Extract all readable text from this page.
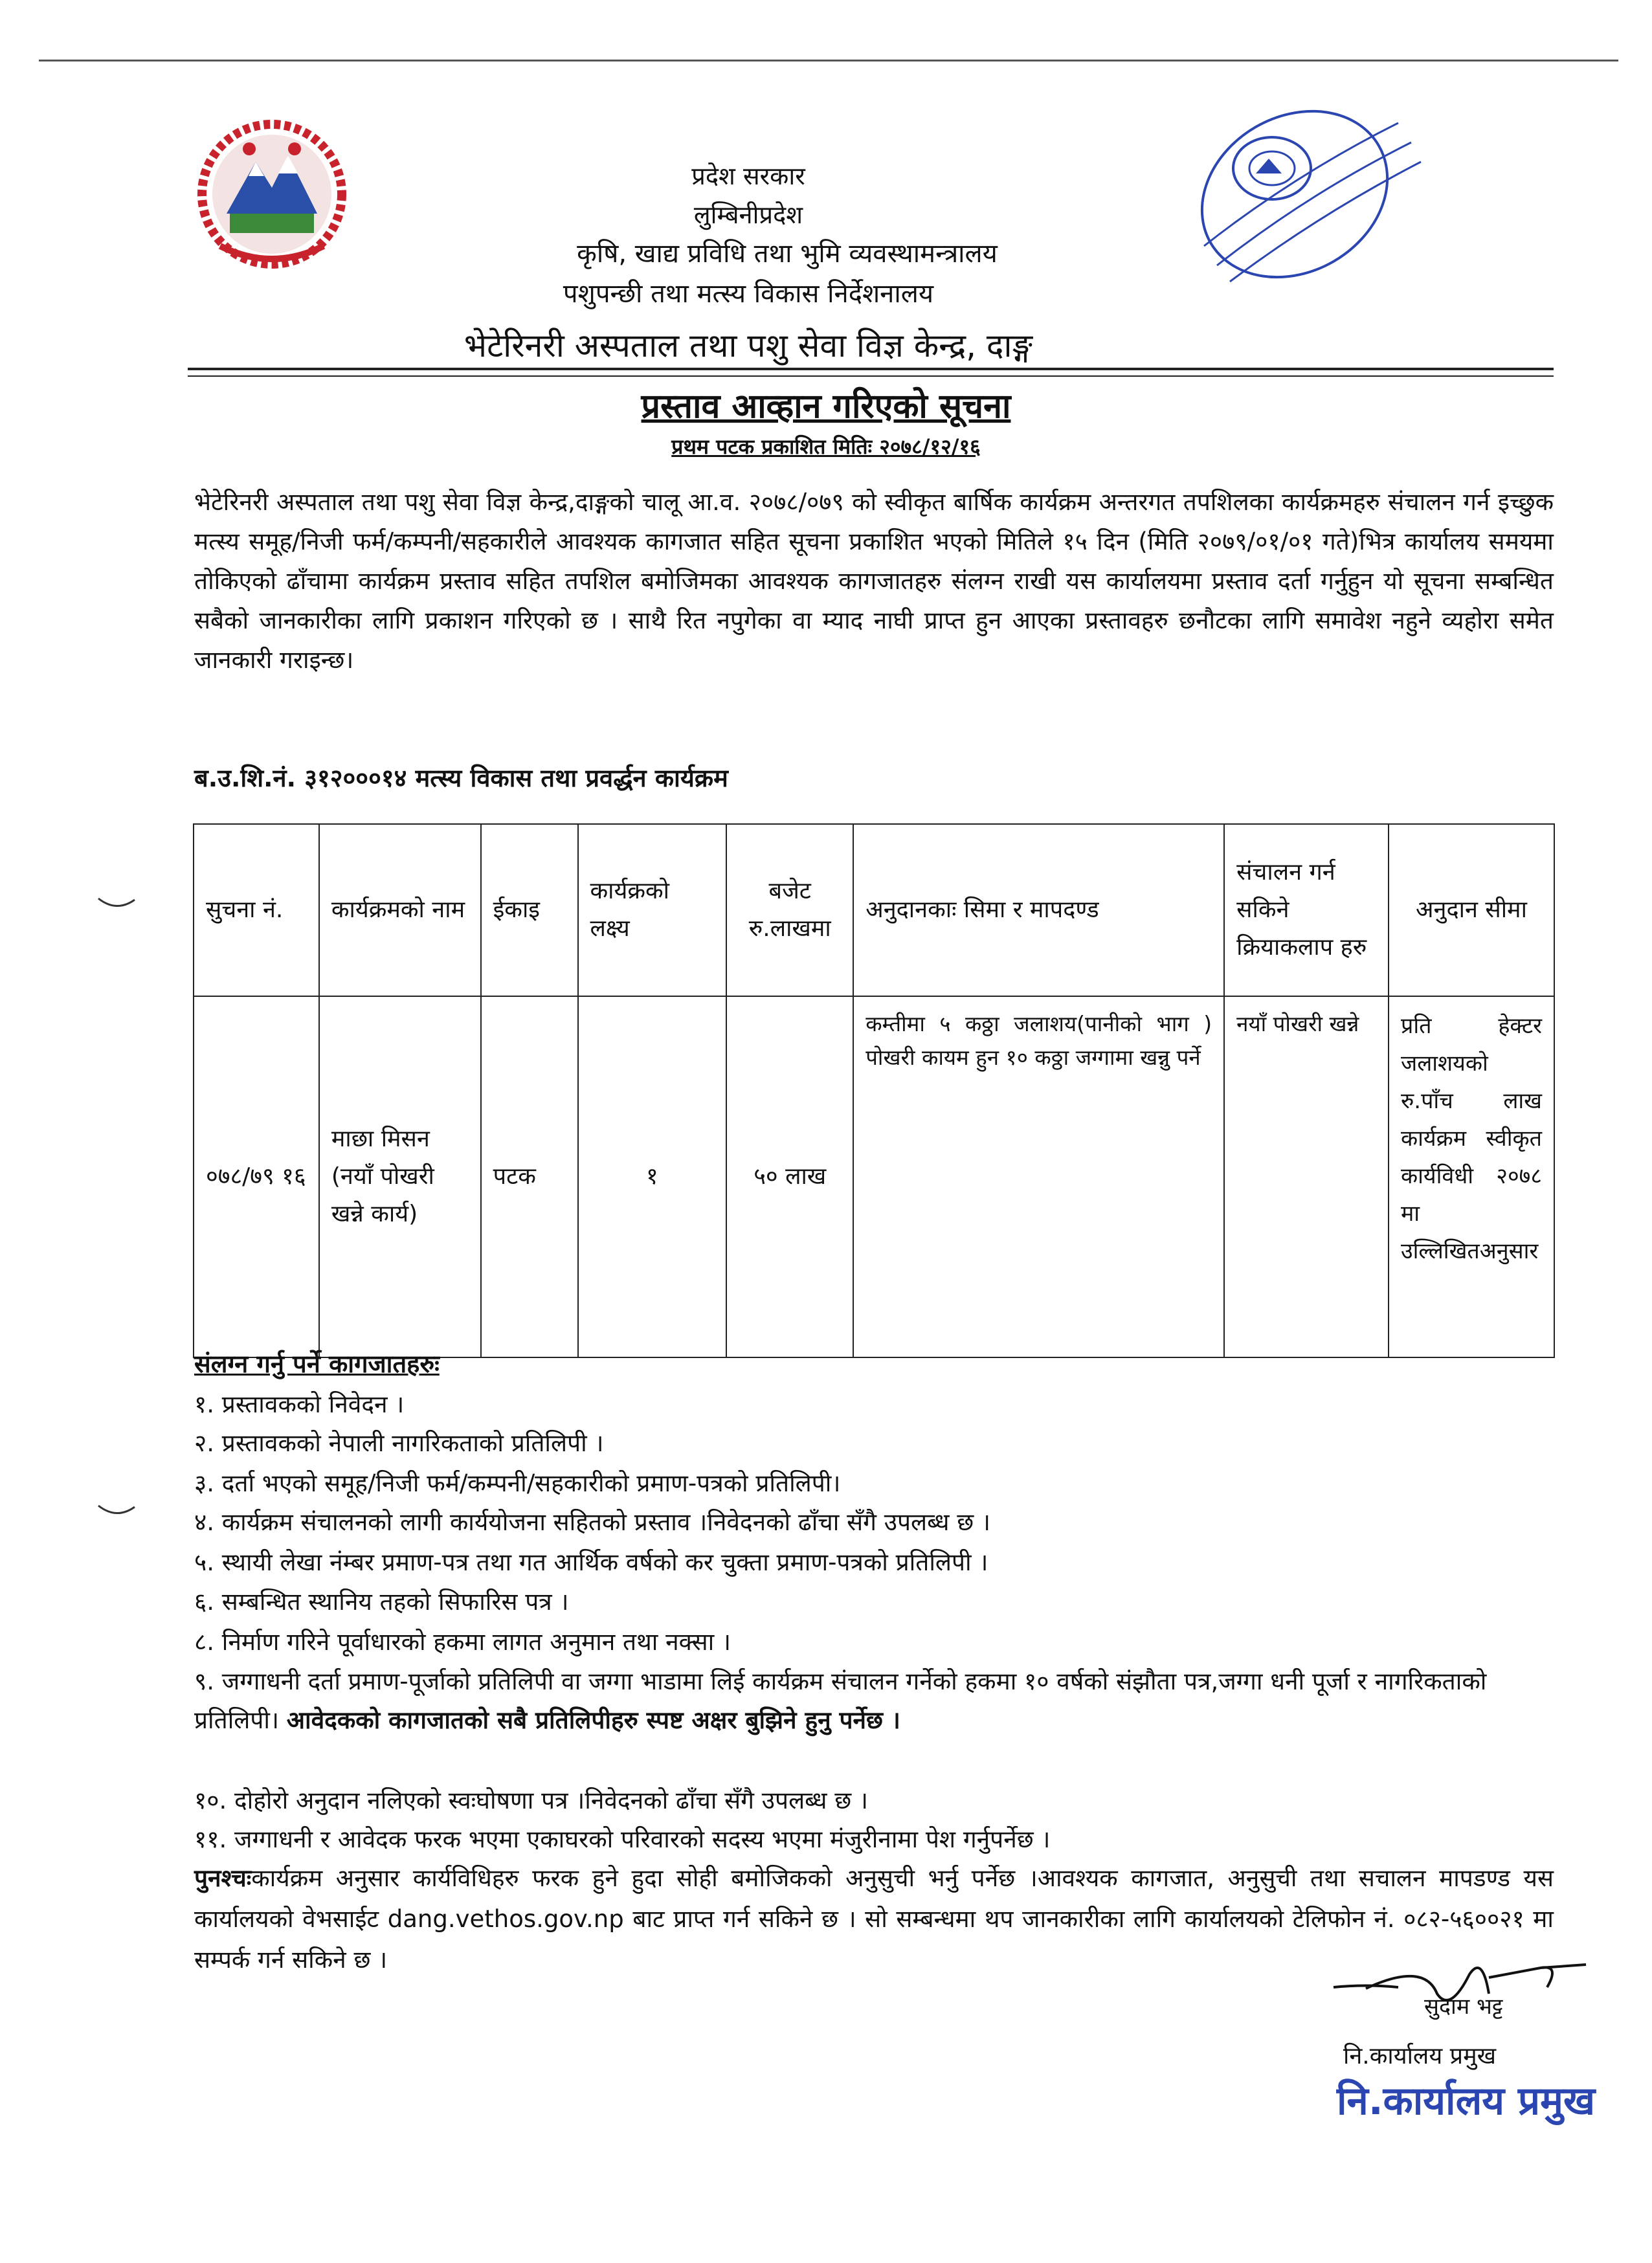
प्रदेश सरकार
लुम्बिनीप्रदेश
कृषि, खाद्य प्रविधि तथा भुमि व्यवस्थामन्त्रालय
पशुपन्छी तथा मत्स्य विकास निर्देशनालय
भेटेरिनरी अस्पताल तथा पशु सेवा विज्ञ केन्द्र, दाङ्ग
प्रस्ताव आव्हान गरिएको सूचना
प्रथम पटक प्रकाशित मितिः २०७८/१२/१६
भेटेरिनरी अस्पताल तथा पशु सेवा विज्ञ केन्द्र,दाङ्गको चालू आ.व. २०७८/०७९ को स्वीकृत बार्षिक कार्यक्रम अन्तरगत तपशिलका कार्यक्रमहरु संचालन गर्न इच्छुक मत्स्य समूह/निजी फर्म/कम्पनी/सहकारीले आवश्यक कागजात सहित सूचना प्रकाशित भएको मितिले १५ दिन (मिति २०७९/०१/०१ गते)भित्र कार्यालय समयमा तोकिएको ढाँचामा कार्यक्रम प्रस्ताव सहित तपशिल बमोजिमका आवश्यक कागजातहरु संलग्न राखी यस कार्यालयमा प्रस्ताव दर्ता गर्नुहुन यो सूचना सम्बन्धित सबैको जानकारीका लागि प्रकाशन गरिएको छ । साथै रित नपुगेका वा म्याद नाघी प्राप्त हुन आएका प्रस्तावहरु छनौटका लागि समावेश नहुने व्यहोरा समेत जानकारी गराइन्छ।
ब.उ.शि.नं. ३१२०००१४ मत्स्य विकास तथा प्रवर्द्धन कार्यक्रम
सुचना नं.	कार्यक्रमको नाम	ईकाइ	कार्यक्रको लक्ष्य	बजेट रु.लाखमा	अनुदानकाः सिमा र मापदण्ड	संचालन गर्न सकिने क्रियाकलाप हरु	अनुदान सीमा
०७८/७९ १६	माछा मिसन (नयाँ पोखरी खन्ने कार्य)	पटक	१	५० लाख	कम्तीमा ५ कठ्ठा जलाशय(पानीको भाग ) पोखरी कायम हुन १० कठ्ठा जग्गामा खन्नु पर्ने	नयाँ पोखरी खन्ने	प्रति हेक्टर जलाशयको रु.पाँच लाख कार्यक्रम स्वीकृत कार्यविधी २०७८ मा उल्लिखितअनुसार
संलग्न गर्नु पर्ने कागजातहरुः
१. प्रस्तावकको निवेदन ।
२. प्रस्तावकको नेपाली नागरिकताको प्रतिलिपी ।
३. दर्ता भएको समूह/निजी फर्म/कम्पनी/सहकारीको प्रमाण-पत्रको प्रतिलिपी।
४. कार्यक्रम संचालनको लागी कार्ययोजना सहितको प्रस्ताव ।निवेदनको ढाँचा सँगै उपलब्ध छ ।
५. स्थायी लेखा नंम्बर प्रमाण-पत्र तथा गत आर्थिक वर्षको कर चुक्ता प्रमाण-पत्रको प्रतिलिपी ।
६. सम्बन्धित स्थानिय तहको सिफारिस पत्र ।
८. निर्माण गरिने पूर्वाधारको हकमा लागत अनुमान तथा नक्सा ।
९. जग्गाधनी दर्ता प्रमाण-पूर्जाको प्रतिलिपी वा जग्गा भाडामा लिई कार्यक्रम संचालन गर्नेको हकमा १० वर्षको संझौता पत्र,जग्गा धनी पूर्जा र नागरिकताको प्रतिलिपी। आवेदकको कागजातको सबै प्रतिलिपीहरु स्पष्ट अक्षर बुझिने हुनु पर्नेछ ।
१०. दोहोरो अनुदान नलिएको स्वःघोषणा पत्र ।निवेदनको ढाँचा सँगै उपलब्ध छ ।
११. जग्गाधनी र आवेदक फरक भएमा एकाघरको परिवारको सदस्य भएमा मंजुरीनामा पेश गर्नुपर्नेछ ।
पुनश्चःकार्यक्रम अनुसार कार्यविधिहरु फरक हुने हुदा सोही बमोजिकको अनुसुची भर्नु पर्नेछ ।आवश्यक कागजात, अनुसुची तथा सचालन मापडण्ड यस कार्यालयको वेभसाईट dang.vethos.gov.np बाट प्राप्त गर्न सकिने छ । सो सम्बन्धमा थप जानकारीका लागि कार्यालयको टेलिफोन नं. ०८२-५६००२१ मा सम्पर्क गर्न सकिने छ ।
सुदाम भट्ट
नि.कार्यालय प्रमुख
नि.कार्यालय प्रमुख
